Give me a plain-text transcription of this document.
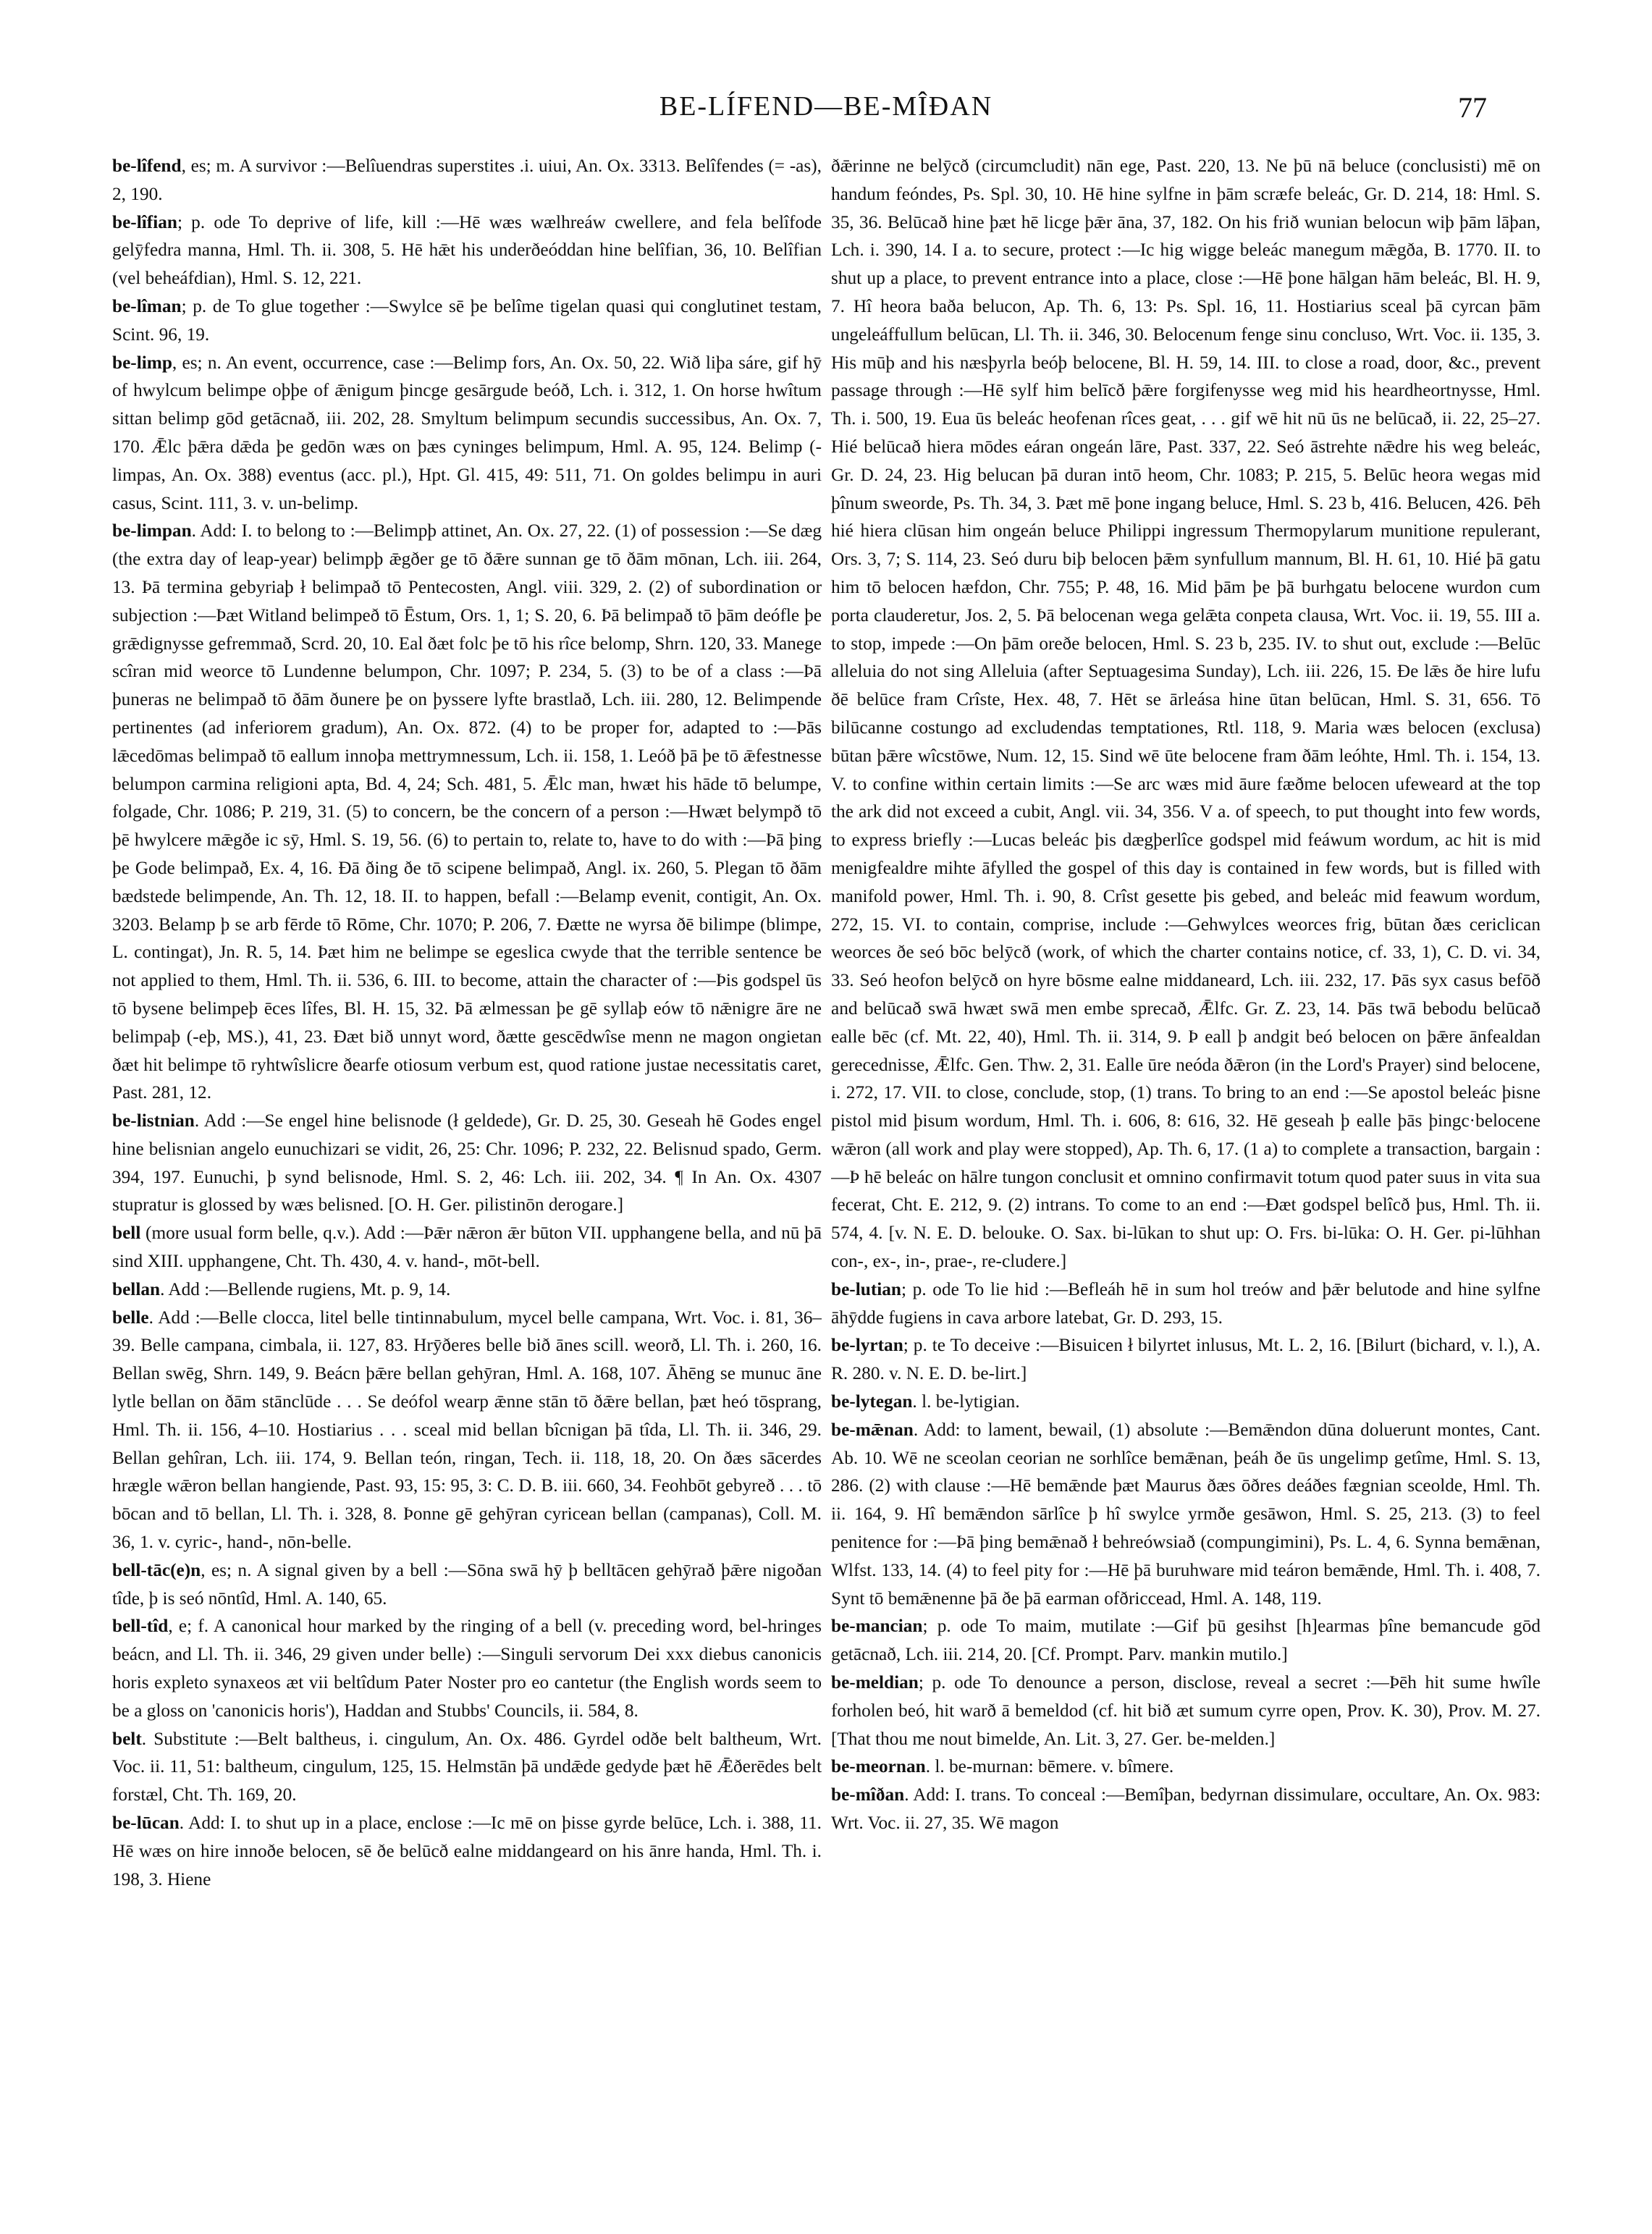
BE-LÍFEND—BE-MÎÐAN	77

be-lîfend, es; m. A survivor :—Belîuendras superstites .i. uiui, An. Ox. 3313. Belîfendes (= -as), 2, 190.

be-lîfian; p. ode To deprive of life, kill :—Hē wæs wælhreáw cwellere, and fela belîfode gelȳfedra manna, Hml. Th. ii. 308, 5. Hē hǣt his underðeóddan hine belîfian, 36, 10. Belîfian (vel beheáfdian), Hml. S. 12, 221.

be-lîman; p. de To glue together :—Swylce sē þe belîme tigelan quasi qui conglutinet testam, Scint. 96, 19.

be-limp, es; n. An event, occurrence, case :—Belimp fors, An. Ox. 50, 22. Wið liþa sáre, gif hȳ of hwylcum belimpe oþþe of ǣnigum þincge gesārgude beóð, Lch. i. 312, 1. On horse hwîtum sittan belimp gōd getācnað, iii. 202, 28. Smyltum belimpum secundis successibus, An. Ox. 7, 170. Ǣlc þǣra dǣda þe gedōn wæs on þæs cyninges belimpum, Hml. A. 95, 124. Belimp (-limpas, An. Ox. 388) eventus (acc. pl.), Hpt. Gl. 415, 49: 511, 71. On goldes belimpu in auri casus, Scint. 111, 3. v. un-belimp.

be-limpan. Add: I. to belong to :—Belimpþ attinet, An. Ox. 27, 22. (1) of possession :—Se dæg (the extra day of leap-year) belimpþ ǣgðer ge tō ðǣre sunnan ge tō ðām mōnan, Lch. iii. 264, 13. Þā termina gebyriaþ ł belimpað tō Pentecosten, Angl. viii. 329, 2. (2) of subordination or subjection :—Þæt Witland belimpeð tō Ēstum, Ors. 1, 1; S. 20, 6. Þā belimpað tō þām deófle þe grǣdignysse gefremmað, Scrd. 20, 10. Eal ðæt folc þe tō his rîce belomp, Shrn. 120, 33. Manege scîran mid weorce tō Lundenne belumpon, Chr. 1097; P. 234, 5. (3) to be of a class :—Þā þuneras ne belimpað tō ðām ðunere þe on þyssere lyfte brastlað, Lch. iii. 280, 12. Belimpende pertinentes (ad inferiorem gradum), An. Ox. 872. (4) to be proper for, adapted to :—Þās lǣcedōmas belimpað tō eallum innoþa mettrymnessum, Lch. ii. 158, 1. Leóð þā þe tō ǣfestnesse belumpon carmina religioni apta, Bd. 4, 24; Sch. 481, 5. Ǣlc man, hwæt his hāde tō belumpe, folgade, Chr. 1086; P. 219, 31. (5) to concern, be the concern of a person :—Hwæt belympð tō þē hwylcere mǣgðe ic sȳ, Hml. S. 19, 56. (6) to pertain to, relate to, have to do with :—Þā þing þe Gode belimpað, Ex. 4, 16. Ðā ðing ðe tō scipene belimpað, Angl. ix. 260, 5. Plegan tō ðām bædstede belimpende, An. Th. 12, 18. II. to happen, befall :—Belamp evenit, contigit, An. Ox. 3203. Belamp þ se arb fērde tō Rōme, Chr. 1070; P. 206, 7. Ðætte ne wyrsa ðē bilimpe (blimpe, L. contingat), Jn. R. 5, 14. Þæt him ne belimpe se egeslica cwyde that the terrible sentence be not applied to them, Hml. Th. ii. 536, 6. III. to become, attain the character of :—Þis godspel ūs tō bysene belimpeþ ēces lîfes, Bl. H. 15, 32. Þā ælmessan þe gē syllaþ eów tō nǣnigre āre ne belimpaþ (-eþ, MS.), 41, 23. Ðæt bið unnyt word, ðætte gescēdwîse menn ne magon ongietan ðæt hit belimpe tō ryhtwîslicre ðearfe otiosum verbum est, quod ratione justae necessitatis caret, Past. 281, 12.

be-listnian. Add :—Se engel hine belisnode (ł geldede), Gr. D. 25, 30. Geseah hē Godes engel hine belisnian angelo eunuchizari se vidit, 26, 25: Chr. 1096; P. 232, 22. Belisnud spado, Germ. 394, 197. Eunuchi, þ synd belisnode, Hml. S. 2, 46: Lch. iii. 202, 34. ¶ In An. Ox. 4307 stupratur is glossed by wæs belisned. [O. H. Ger. pilistinōn derogare.]

bell (more usual form belle, q.v.). Add :—Þǣr nǣron ǣr būton VII. upphangene bella, and nū þā sind XIII. upphangene, Cht. Th. 430, 4. v. hand-, mōt-bell.

bellan. Add :—Bellende rugiens, Mt. p. 9, 14.

belle. Add :—Belle clocca, litel belle tintinnabulum, mycel belle campana, Wrt. Voc. i. 81, 36–39. Belle campana, cimbala, ii. 127, 83. Hrȳðeres belle bið ānes scill. weorð, Ll. Th. i. 260, 16. Bellan swēg, Shrn. 149, 9. Beácn þǣre bellan gehȳran, Hml. A. 168, 107. Āhēng se munuc āne lytle bellan on ðām stānclūde . . . Se deófol wearp ǣnne stān tō ðǣre bellan, þæt heó tōsprang, Hml. Th. ii. 156, 4–10. Hostiarius . . . sceal mid bellan bîcnigan þā tîda, Ll. Th. ii. 346, 29. Bellan gehîran, Lch. iii. 174, 9. Bellan teón, ringan, Tech. ii. 118, 18, 20. On ðæs sācerdes hrægle wǣron bellan hangiende, Past. 93, 15: 95, 3: C. D. B. iii. 660, 34. Feohbōt gebyreð . . . tō bōcan and tō bellan, Ll. Th. i. 328, 8. Þonne gē gehȳran cyricean bellan (campanas), Coll. M. 36, 1. v. cyric-, hand-, nōn-belle.

bell-tāc(e)n, es; n. A signal given by a bell :—Sōna swā hȳ þ belltācen gehȳrað þǣre nigoðan tîde, þ is seó nōntîd, Hml. A. 140, 65.

bell-tîd, e; f. A canonical hour marked by the ringing of a bell (v. preceding word, bel-hringes beácn, and Ll. Th. ii. 346, 29 given under belle) :—Singuli servorum Dei xxx diebus canonicis horis expleto synaxeos æt vii beltîdum Pater Noster pro eo cantetur (the English words seem to be a gloss on 'canonicis horis'), Haddan and Stubbs' Councils, ii. 584, 8.

belt. Substitute :—Belt baltheus, i. cingulum, An. Ox. 486. Gyrdel odðe belt baltheum, Wrt. Voc. ii. 11, 51: baltheum, cingulum, 125, 15. Helmstān þā undǣde gedyde þæt hē Ǣðerēdes belt forstæl, Cht. Th. 169, 20.

be-lūcan. Add: I. to shut up in a place, enclose :—Ic mē on þisse gyrde belūce, Lch. i. 388, 11. Hē wæs on hire innoðe belocen, sē ðe belūcð ealne middangeard on his ānre handa, Hml. Th. i. 198, 3. Hiene

ðǣrinne ne belȳcð (circumcludit) nān ege, Past. 220, 13. Ne þū nā beluce (conclusisti) mē on handum feóndes, Ps. Spl. 30, 10. Hē hine sylfne in þām scræfe beleác, Gr. D. 214, 18: Hml. S. 35, 36. Belūcað hine þæt hē licge þǣr āna, 37, 182. On his frið wunian belocun wiþ þām lāþan, Lch. i. 390, 14. I a. to secure, protect :—Ic hig wigge beleác manegum mǣgða, B. 1770. II. to shut up a place, to prevent entrance into a place, close :—Hē þone hālgan hām beleác, Bl. H. 9, 7. Hî heora baða belucon, Ap. Th. 6, 13: Ps. Spl. 16, 11. Hostiarius sceal þā cyrcan þām ungeleáffullum belūcan, Ll. Th. ii. 346, 30. Belocenum fenge sinu concluso, Wrt. Voc. ii. 135, 3. His mūþ and his næsþyrla beóþ belocene, Bl. H. 59, 14. III. to close a road, door, &c., prevent passage through :—Hē sylf him belīcð þǣre forgifenysse weg mid his heardheortnysse, Hml. Th. i. 500, 19. Eua ūs beleác heofenan rîces geat, . . . gif wē hit nū ūs ne belūcað, ii. 22, 25–27. Hié belūcað hiera mōdes eáran ongeán lāre, Past. 337, 22. Seó āstrehte nǣdre his weg beleác, Gr. D. 24, 23. Hig belucan þā duran intō heom, Chr. 1083; P. 215, 5. Belūc heora wegas mid þînum sweorde, Ps. Th. 34, 3. Þæt mē þone ingang beluce, Hml. S. 23 b, 416. Belucen, 426. Þēh hié hiera clūsan him ongeán beluce Philippi ingressum Thermopylarum munitione repulerant, Ors. 3, 7; S. 114, 23. Seó duru biþ belocen þǣm synfullum mannum, Bl. H. 61, 10. Hié þā gatu him tō belocen hæfdon, Chr. 755; P. 48, 16. Mid þām þe þā burhgatu belocene wurdon cum porta clauderetur, Jos. 2, 5. Þā belocenan wega gelǣta conpeta clausa, Wrt. Voc. ii. 19, 55. III a. to stop, impede :—On þām oreðe belocen, Hml. S. 23 b, 235. IV. to shut out, exclude :—Belūc alleluia do not sing Alleluia (after Septuagesima Sunday), Lch. iii. 226, 15. Ðe lǣs ðe hire lufu ðē belūce fram Crîste, Hex. 48, 7. Hēt se ārleása hine ūtan belūcan, Hml. S. 31, 656. Tō bilūcanne costungo ad excludendas temptationes, Rtl. 118, 9. Maria wæs belocen (exclusa) būtan þǣre wîcstōwe, Num. 12, 15. Sind wē ūte belocene fram ðām leóhte, Hml. Th. i. 154, 13. V. to confine within certain limits :—Se arc wæs mid āure fæðme belocen ufeweard at the top the ark did not exceed a cubit, Angl. vii. 34, 356. V a. of speech, to put thought into few words, to express briefly :—Lucas beleác þis dægþerlîce godspel mid feáwum wordum, ac hit is mid menigfealdre mihte āfylled the gospel of this day is contained in few words, but is filled with manifold power, Hml. Th. i. 90, 8. Crîst gesette þis gebed, and beleác mid feawum wordum, 272, 15. VI. to contain, comprise, include :—Gehwylces weorces frig, būtan ðæs cericlican weorces ðe seó bōc belȳcð (work, of which the charter contains notice, cf. 33, 1), C. D. vi. 34, 33. Seó heofon belȳcð on hyre bōsme ealne middaneard, Lch. iii. 232, 17. Þās syx casus befōð and belūcað swā hwæt swā men embe sprecað, Ǣlfc. Gr. Z. 23, 14. Þās twā bebodu belūcað ealle bēc (cf. Mt. 22, 40), Hml. Th. ii. 314, 9. Þ eall þ andgit beó belocen on þǣre ānfealdan gerecednisse, Ǣlfc. Gen. Thw. 2, 31. Ealle ūre neóda ðǣron (in the Lord's Prayer) sind belocene, i. 272, 17. VII. to close, conclude, stop, (1) trans. To bring to an end :—Se apostol beleác þisne pistol mid þisum wordum, Hml. Th. i. 606, 8: 616, 32. Hē geseah þ ealle þās þingc·belocene wǣron (all work and play were stopped), Ap. Th. 6, 17. (1 a) to complete a transaction, bargain :—Þ hē beleác on hālre tungon conclusit et omnino confirmavit totum quod pater suus in vita sua fecerat, Cht. E. 212, 9. (2) intrans. To come to an end :—Ðæt godspel belîcð þus, Hml. Th. ii. 574, 4. [v. N. E. D. belouke. O. Sax. bi-lūkan to shut up: O. Frs. bi-lūka: O. H. Ger. pi-lūhhan con-, ex-, in-, prae-, re-cludere.]

be-lutian; p. ode To lie hid :—Befleáh hē in sum hol treów and þǣr belutode and hine sylfne āhȳdde fugiens in cava arbore latebat, Gr. D. 293, 15.

be-lyrtan; p. te To deceive :—Bisuicen ł bilyrtet inlusus, Mt. L. 2, 16. [Bilurt (bichard, v. l.), A. R. 280. v. N. E. D. be-lirt.]

be-lytegan. l. be-lytigian.

be-mǣnan. Add: to lament, bewail, (1) absolute :—Bemǣndon dūna doluerunt montes, Cant. Ab. 10. Wē ne sceolan ceorian ne sorhlîce bemǣnan, þeáh ðe ūs ungelimp getîme, Hml. S. 13, 286. (2) with clause :—Hē bemǣnde þæt Maurus ðæs ōðres deáðes fægnian sceolde, Hml. Th. ii. 164, 9. Hî bemǣndon sārlîce þ hî swylce yrmðe gesāwon, Hml. S. 25, 213. (3) to feel penitence for :—Þā þing bemǣnað ł behreówsiað (compungimini), Ps. L. 4, 6. Synna bemǣnan, Wlfst. 133, 14. (4) to feel pity for :—Hē þā buruhware mid teáron bemǣnde, Hml. Th. i. 408, 7. Synt tō bemǣnenne þā ðe þā earman ofðriccead, Hml. A. 148, 119.

be-mancian; p. ode To maim, mutilate :—Gif þū gesihst [h]earmas þîne bemancude gōd getācnað, Lch. iii. 214, 20. [Cf. Prompt. Parv. mankin mutilo.]

be-meldian; p. ode To denounce a person, disclose, reveal a secret :—Þēh hit sume hwîle forholen beó, hit warð ā bemeldod (cf. hit bið æt sumum cyrre open, Prov. K. 30), Prov. M. 27. [That thou me nout bimelde, An. Lit. 3, 27. Ger. be-melden.]

be-meornan. l. be-murnan: bēmere. v. bîmere.

be-mîðan. Add: I. trans. To conceal :—Bemîþan, bedyrnan dissimulare, occultare, An. Ox. 983: Wrt. Voc. ii. 27, 35. Wē magon
